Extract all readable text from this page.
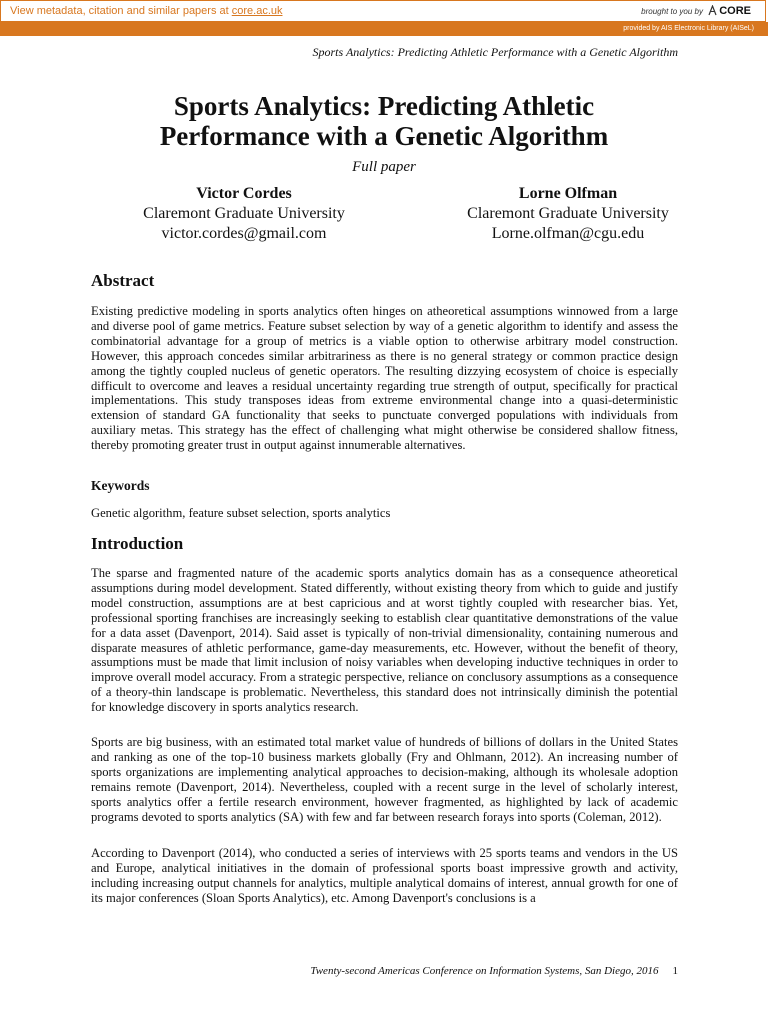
View metadata, citation and similar papers at core.ac.uk	brought to you by CORE
provided by AIS Electronic Library (AISeL)
Sports Analytics: Predicting Athletic Performance with a Genetic Algorithm
Sports Analytics: Predicting Athletic
Performance with a Genetic Algorithm
Full paper
Victor Cordes
Claremont Graduate University
victor.cordes@gmail.com
Lorne Olfman
Claremont Graduate University
Lorne.olfman@cgu.edu
Abstract

Existing predictive modeling in sports analytics often hinges on atheoretical assumptions winnowed from a large and diverse pool of game metrics. Feature subset selection by way of a genetic algorithm to identify and assess the combinatorial advantage for a group of metrics is a viable option to otherwise arbitrary model construction. However, this approach concedes similar arbitrariness as there is no general strategy or common practice design among the tightly coupled nucleus of genetic operators. The resulting dizzying ecosystem of choice is especially difficult to overcome and leaves a residual uncertainty regarding true strength of output, specifically for practical implementations. This study transposes ideas from extreme environmental change into a quasi-deterministic extension of standard GA functionality that seeks to punctuate converged populations with individuals from auxiliary metas. This strategy has the effect of challenging what might otherwise be considered shallow fitness, thereby promoting greater trust in output against innumerable alternatives.

Keywords

Genetic algorithm, feature subset selection, sports analytics

Introduction

The sparse and fragmented nature of the academic sports analytics domain has as a consequence atheoretical assumptions during model development. Stated differently, without existing theory from which to guide and justify model construction, assumptions are at best capricious and at worst tightly coupled with researcher bias. Yet, professional sporting franchises are increasingly seeking to establish clear quantitative demonstrations of the value for a data asset (Davenport, 2014). Said asset is typically of non-trivial dimensionality, containing numerous and disparate measures of athletic performance, game-day measurements, etc. However, without the benefit of theory, assumptions must be made that limit inclusion of noisy variables when developing inductive techniques in order to improve overall model accuracy. From a strategic perspective, reliance on conclusory assumptions as a consequence of a theory-thin landscape is problematic. Nevertheless, this standard does not intrinsically diminish the potential for knowledge discovery in sports analytics research.

Sports are big business, with an estimated total market value of hundreds of billions of dollars in the United States and ranking as one of the top-10 business markets globally (Fry and Ohlmann, 2012). An increasing number of sports organizations are implementing analytical approaches to decision-making, although its wholesale adoption remains remote (Davenport, 2014). Nevertheless, coupled with a recent surge in the level of scholarly interest, sports analytics offer a fertile research environment, however fragmented, as highlighted by lack of academic programs devoted to sports analytics (SA) with few and far between research forays into sports (Coleman, 2012).

According to Davenport (2014), who conducted a series of interviews with 25 sports teams and vendors in the US and Europe, analytical initiatives in the domain of professional sports boast impressive growth and activity, including increasing output channels for analytics, multiple analytical domains of interest, annual growth for one of its major conferences (Sloan Sports Analytics), etc. Among Davenport's conclusions is a

Twenty-second Americas Conference on Information Systems, San Diego, 2016 1
